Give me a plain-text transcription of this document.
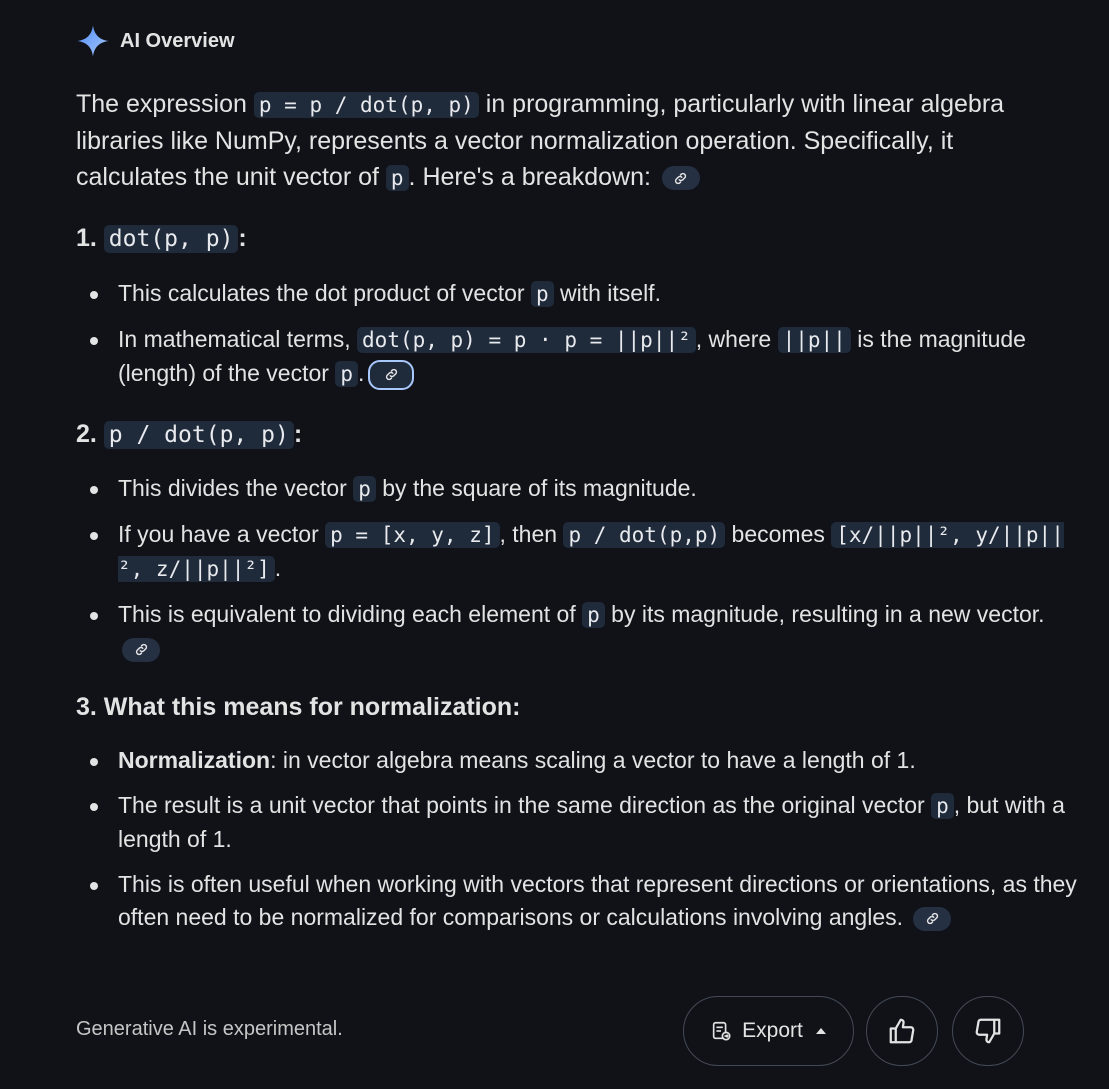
AI Overview

The expression p = p / dot(p, p) in programming, particularly with linear algebra libraries like NumPy, represents a vector normalization operation. Specifically, it calculates the unit vector of p . Here's a breakdown:

1. dot(p, p) :
This calculates the dot product of vector p with itself.
In mathematical terms, dot(p, p) = p · p = ||p||² , where ||p|| is the magnitude (length) of the vector p .
2. p / dot(p, p) :
This divides the vector p by the square of its magnitude.
If you have a vector p = [x, y, z] , then p / dot(p,p) becomes [x/||p||², y/||p||², z/||p||²] .
This is equivalent to dividing each element of p by its magnitude, resulting in a new vector.
3. What this means for normalization:
Normalization: in vector algebra means scaling a vector to have a length of 1.
The result is a unit vector that points in the same direction as the original vector p , but with a length of 1.
This is often useful when working with vectors that represent directions or orientations, as they often need to be normalized for comparisons or calculations involving angles.
Generative AI is experimental.	Export
